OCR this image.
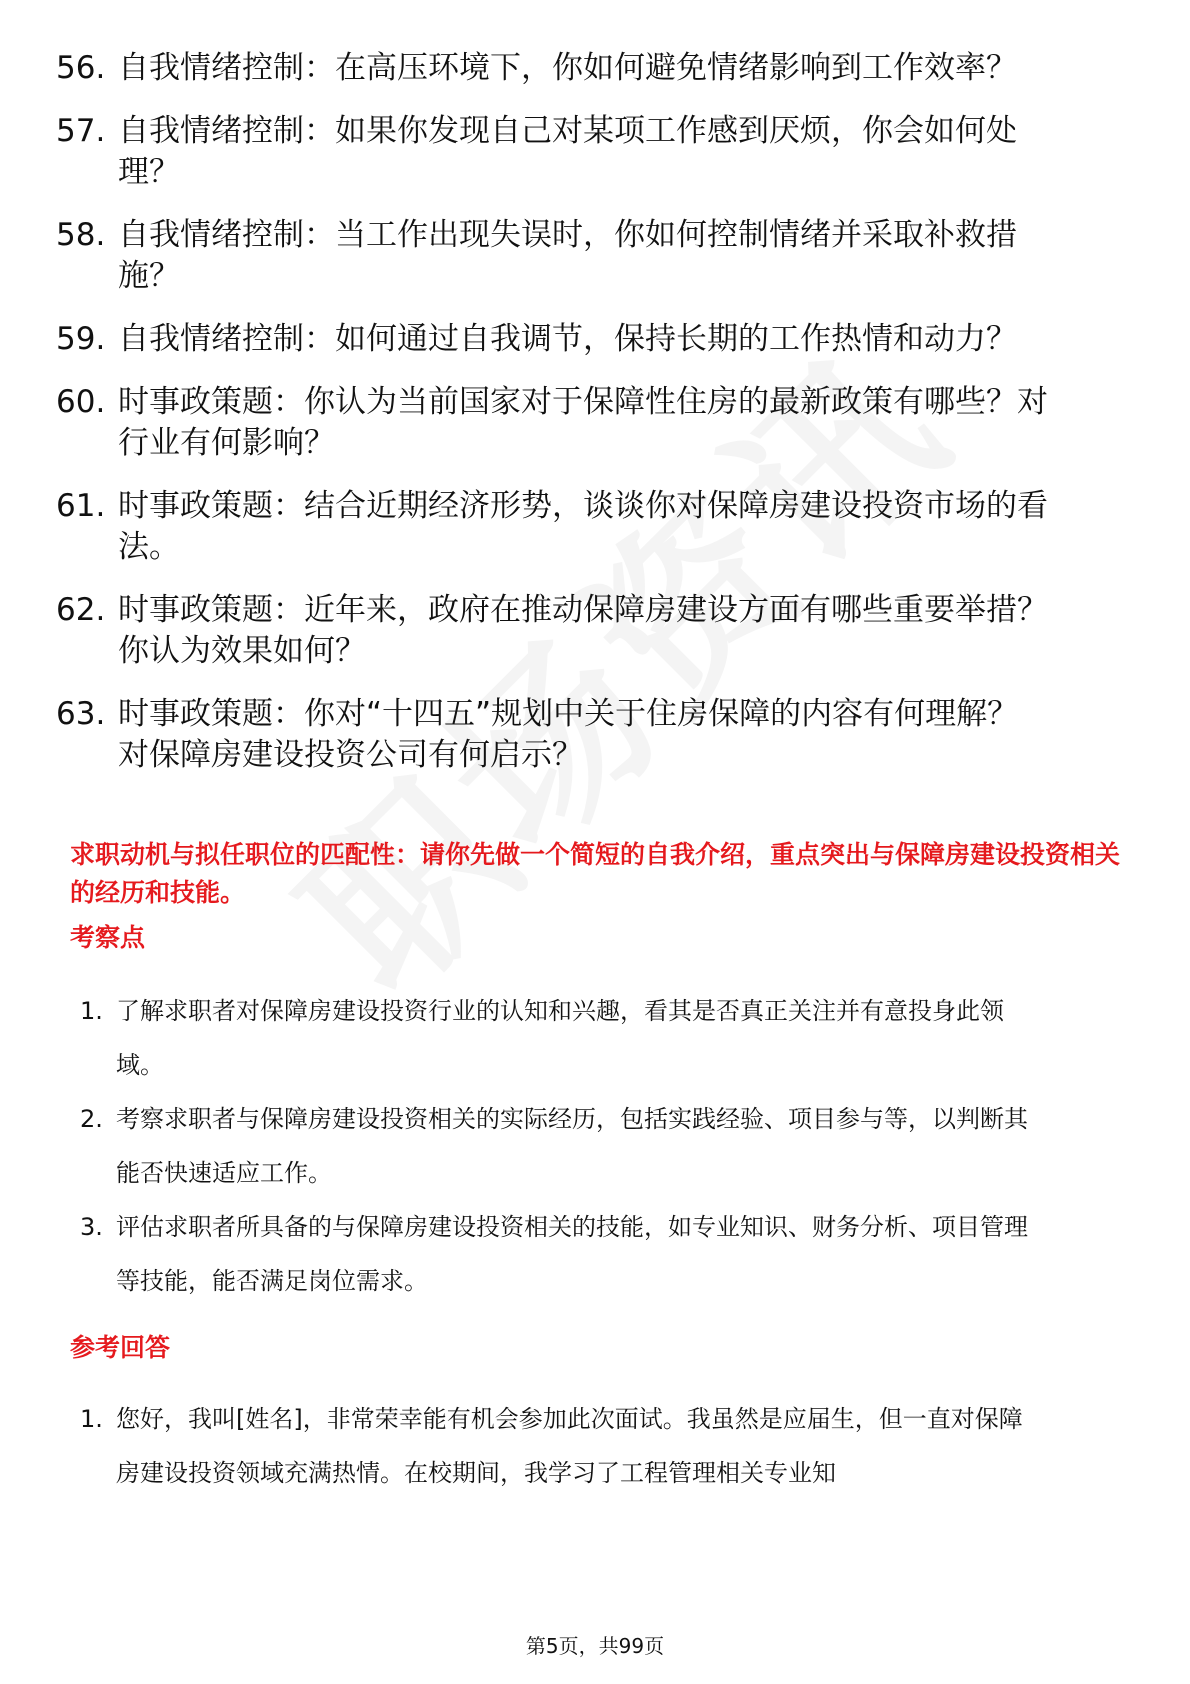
56. 自我情绪控制：在高压环境下，你如何避免情绪影响到工作效率？
57. 自我情绪控制：如果你发现自己对某项工作感到厌烦，你会如何处理？
58. 自我情绪控制：当工作出现失误时，你如何控制情绪并采取补救措施？
59. 自我情绪控制：如何通过自我调节，保持长期的工作热情和动力？
60. 时事政策题：你认为当前国家对于保障性住房的最新政策有哪些？对行业有何影响？
61. 时事政策题：结合近期经济形势，谈谈你对保障房建设投资市场的看法。
62. 时事政策题：近年来，政府在推动保障房建设方面有哪些重要举措？你认为效果如何？
63. 时事政策题：你对“十四五”规划中关于住房保障的内容有何理解？对保障房建设投资公司有何启示？
求职动机与拟任职位的匹配性：请你先做一个简短的自我介绍，重点突出与保障房建设投资相关的经历和技能。
考察点
1. 了解求职者对保障房建设投资行业的认知和兴趣，看其是否真正关注并有意投身此领域。
2. 考察求职者与保障房建设投资相关的实际经历，包括实践经验、项目参与等，以判断其能否快速适应工作。
3. 评估求职者所具备的与保障房建设投资相关的技能，如专业知识、财务分析、项目管理等技能，能否满足岗位需求。
参考回答
1. 您好，我叫[姓名]，非常荣幸能有机会参加此次面试。我虽然是应届生，但一直对保障房建设投资领域充满热情。在校期间，我学习了工程管理相关专业知
第5页，共99页
